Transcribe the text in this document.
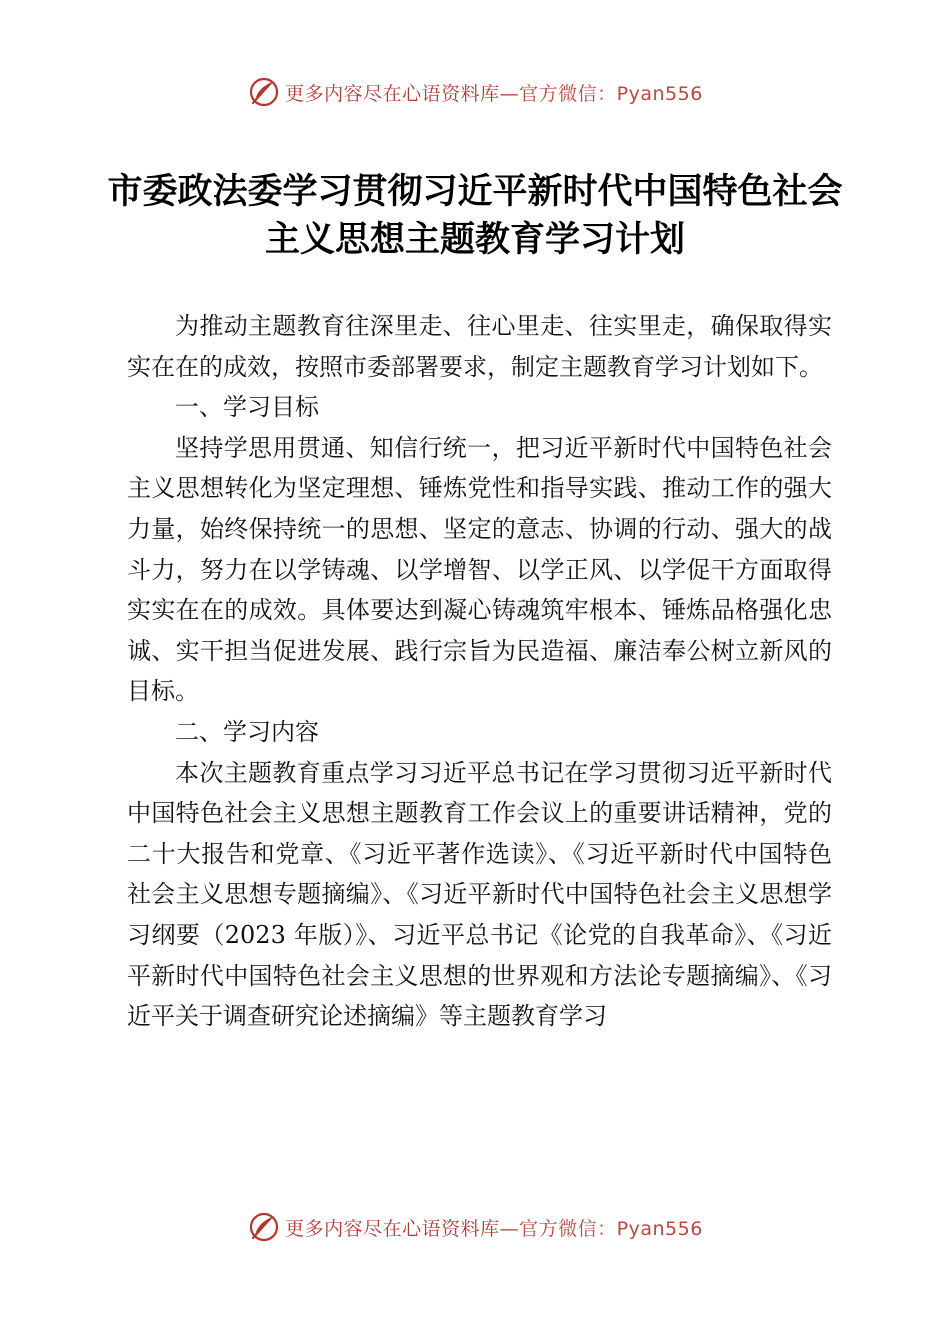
更多内容尽在心语资料库—官方微信：Pyan556
市委政法委学习贯彻习近平新时代中国特色社会主义思想主题教育学习计划

为推动主题教育往深里走、往心里走、往实里走，确保取得实实在在的成效，按照市委部署要求，制定主题教育学习计划如下。

一、学习目标

坚持学思用贯通、知信行统一，把习近平新时代中国特色社会主义思想转化为坚定理想、锤炼党性和指导实践、推动工作的强大力量，始终保持统一的思想、坚定的意志、协调的行动、强大的战斗力，努力在以学铸魂、以学增智、以学正风、以学促干方面取得实实在在的成效。具体要达到凝心铸魂筑牢根本、锤炼品格强化忠诚、实干担当促进发展、践行宗旨为民造福、廉洁奉公树立新风的目标。

二、学习内容

本次主题教育重点学习习近平总书记在学习贯彻习近平新时代中国特色社会主义思想主题教育工作会议上的重要讲话精神，党的二十大报告和党章、《习近平著作选读》、《习近平新时代中国特色社会主义思想专题摘编》、《习近平新时代中国特色社会主义思想学习纲要（2023 年版）》、习近平总书记《论党的自我革命》、《习近平新时代中国特色社会主义思想的世界观和方法论专题摘编》、《习近平关于调查研究论述摘编》等主题教育学习

更多内容尽在心语资料库—官方微信：Pyan556
